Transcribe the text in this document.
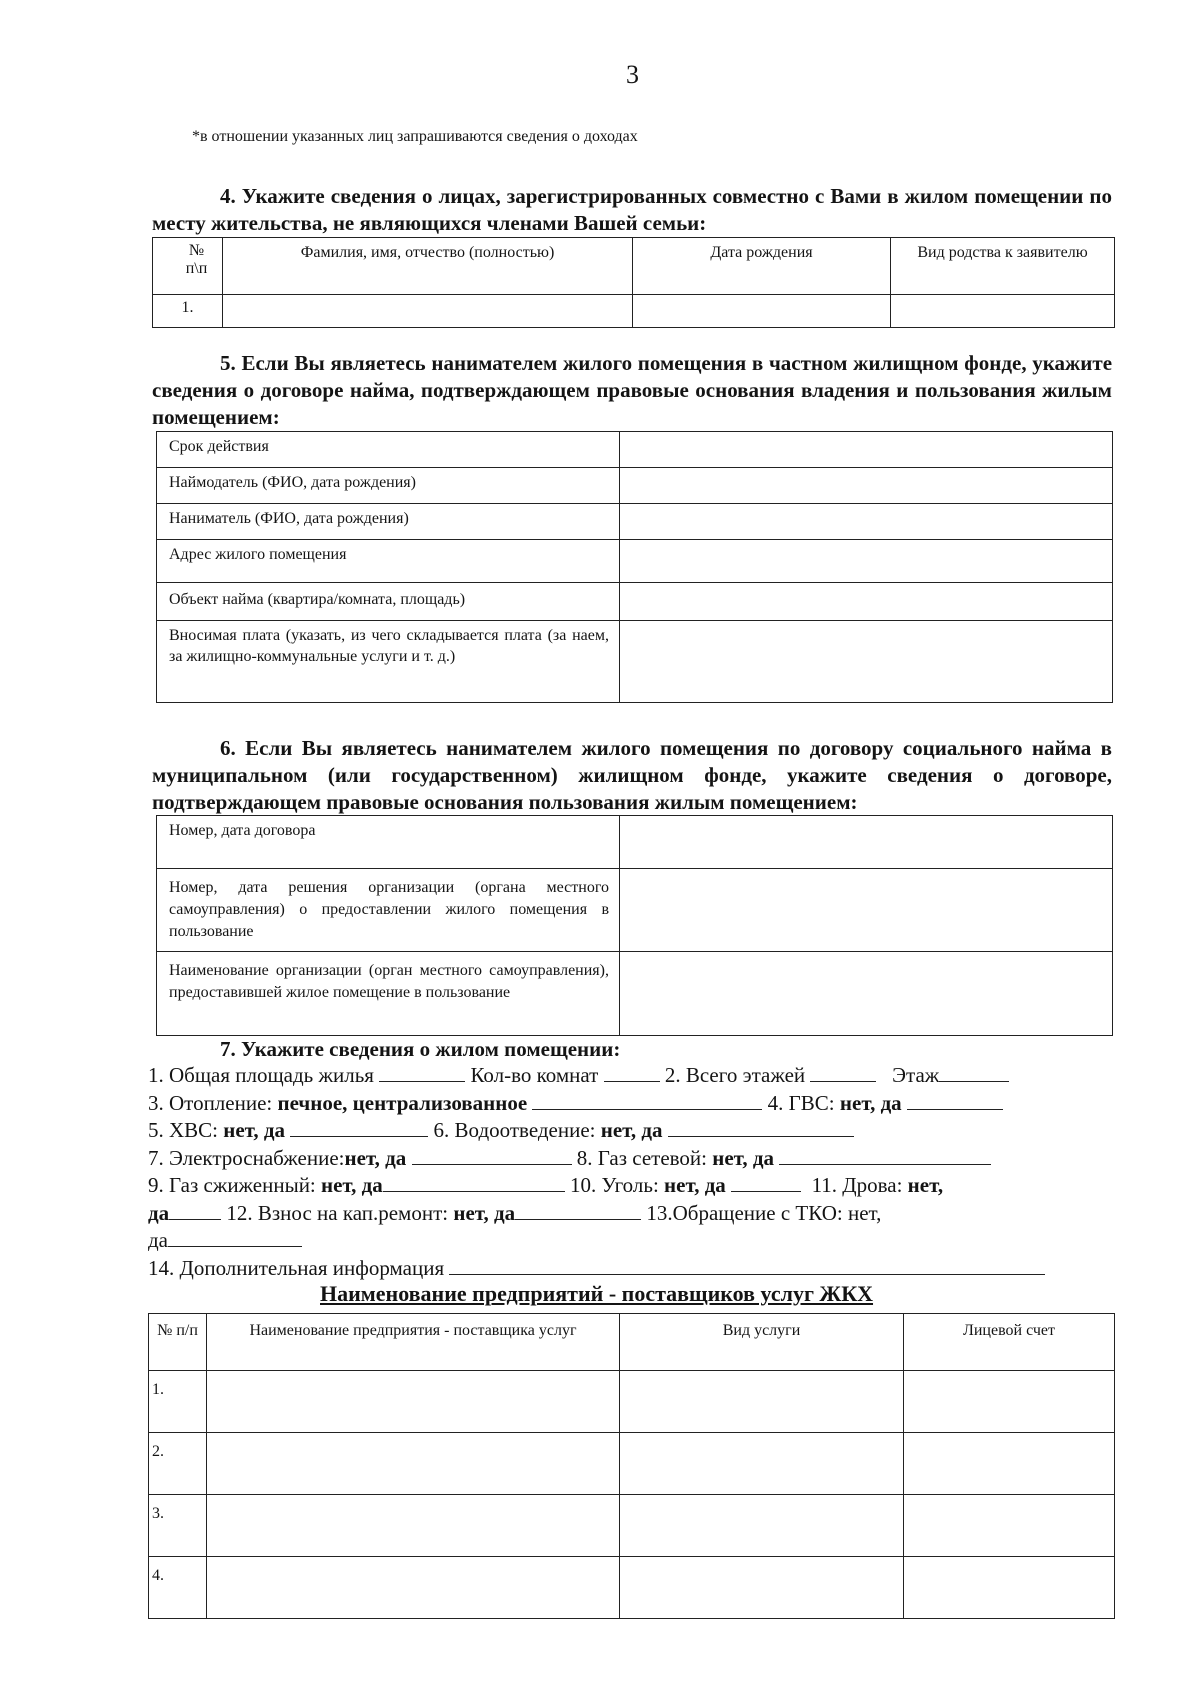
3
*в отношении указанных лиц запрашиваются сведения о доходах
4. Укажите сведения о лицах, зарегистрированных совместно с Вами в жилом помещении по месту жительства, не являющихся членами Вашей семьи:
№ п\п	Фамилия, имя, отчество (полностью)	Дата рождения	Вид родства к заявителю
1.			
5. Если Вы являетесь нанимателем жилого помещения в частном жилищном фонде, укажите сведения о договоре найма, подтверждающем правовые основания владения и пользования жилым помещением:
Срок действия	
Наймодатель (ФИО, дата рождения)	
Наниматель (ФИО, дата рождения)	
Адрес жилого помещения	
Объект найма (квартира/комната, площадь)	
Вносимая плата (указать, из чего складывается плата (за наем, за жилищно-коммунальные услуги и т. д.)	
6. Если Вы являетесь нанимателем жилого помещения по договору социального найма в муниципальном (или государственном) жилищном фонде, укажите сведения о договоре, подтверждающем правовые основания пользования жилым помещением:
Номер, дата договора	
Номер, дата решения организации (органа местного самоуправления) о предоставлении жилого помещения в пользование	
Наименование организации (орган местного самоуправления), предоставившей жилое помещение в пользование	
7. Укажите сведения о жилом помещении:
1. Общая площадь жилья	Кол-во комнат	2. Всего этажей	Этаж
3. Отопление: печное, централизованное	4. ГВС: нет, да
5. ХВС: нет, да	6. Водоотведение: нет, да
7. Электроснабжение:нет, да	8. Газ сетевой: нет, да
9. Газ сжиженный: нет, да	10. Уголь: нет, да	11. Дрова: нет,
да	12. Взнос на кап.ремонт: нет, да	13.Обращение с ТКО: нет,
да
14. Дополнительная информация
Наименование предприятий - поставщиков услуг ЖКХ
№ п/п	Наименование предприятия - поставщика услуг	Вид услуги	Лицевой счет
1.			
2.			
3.			
4.			
